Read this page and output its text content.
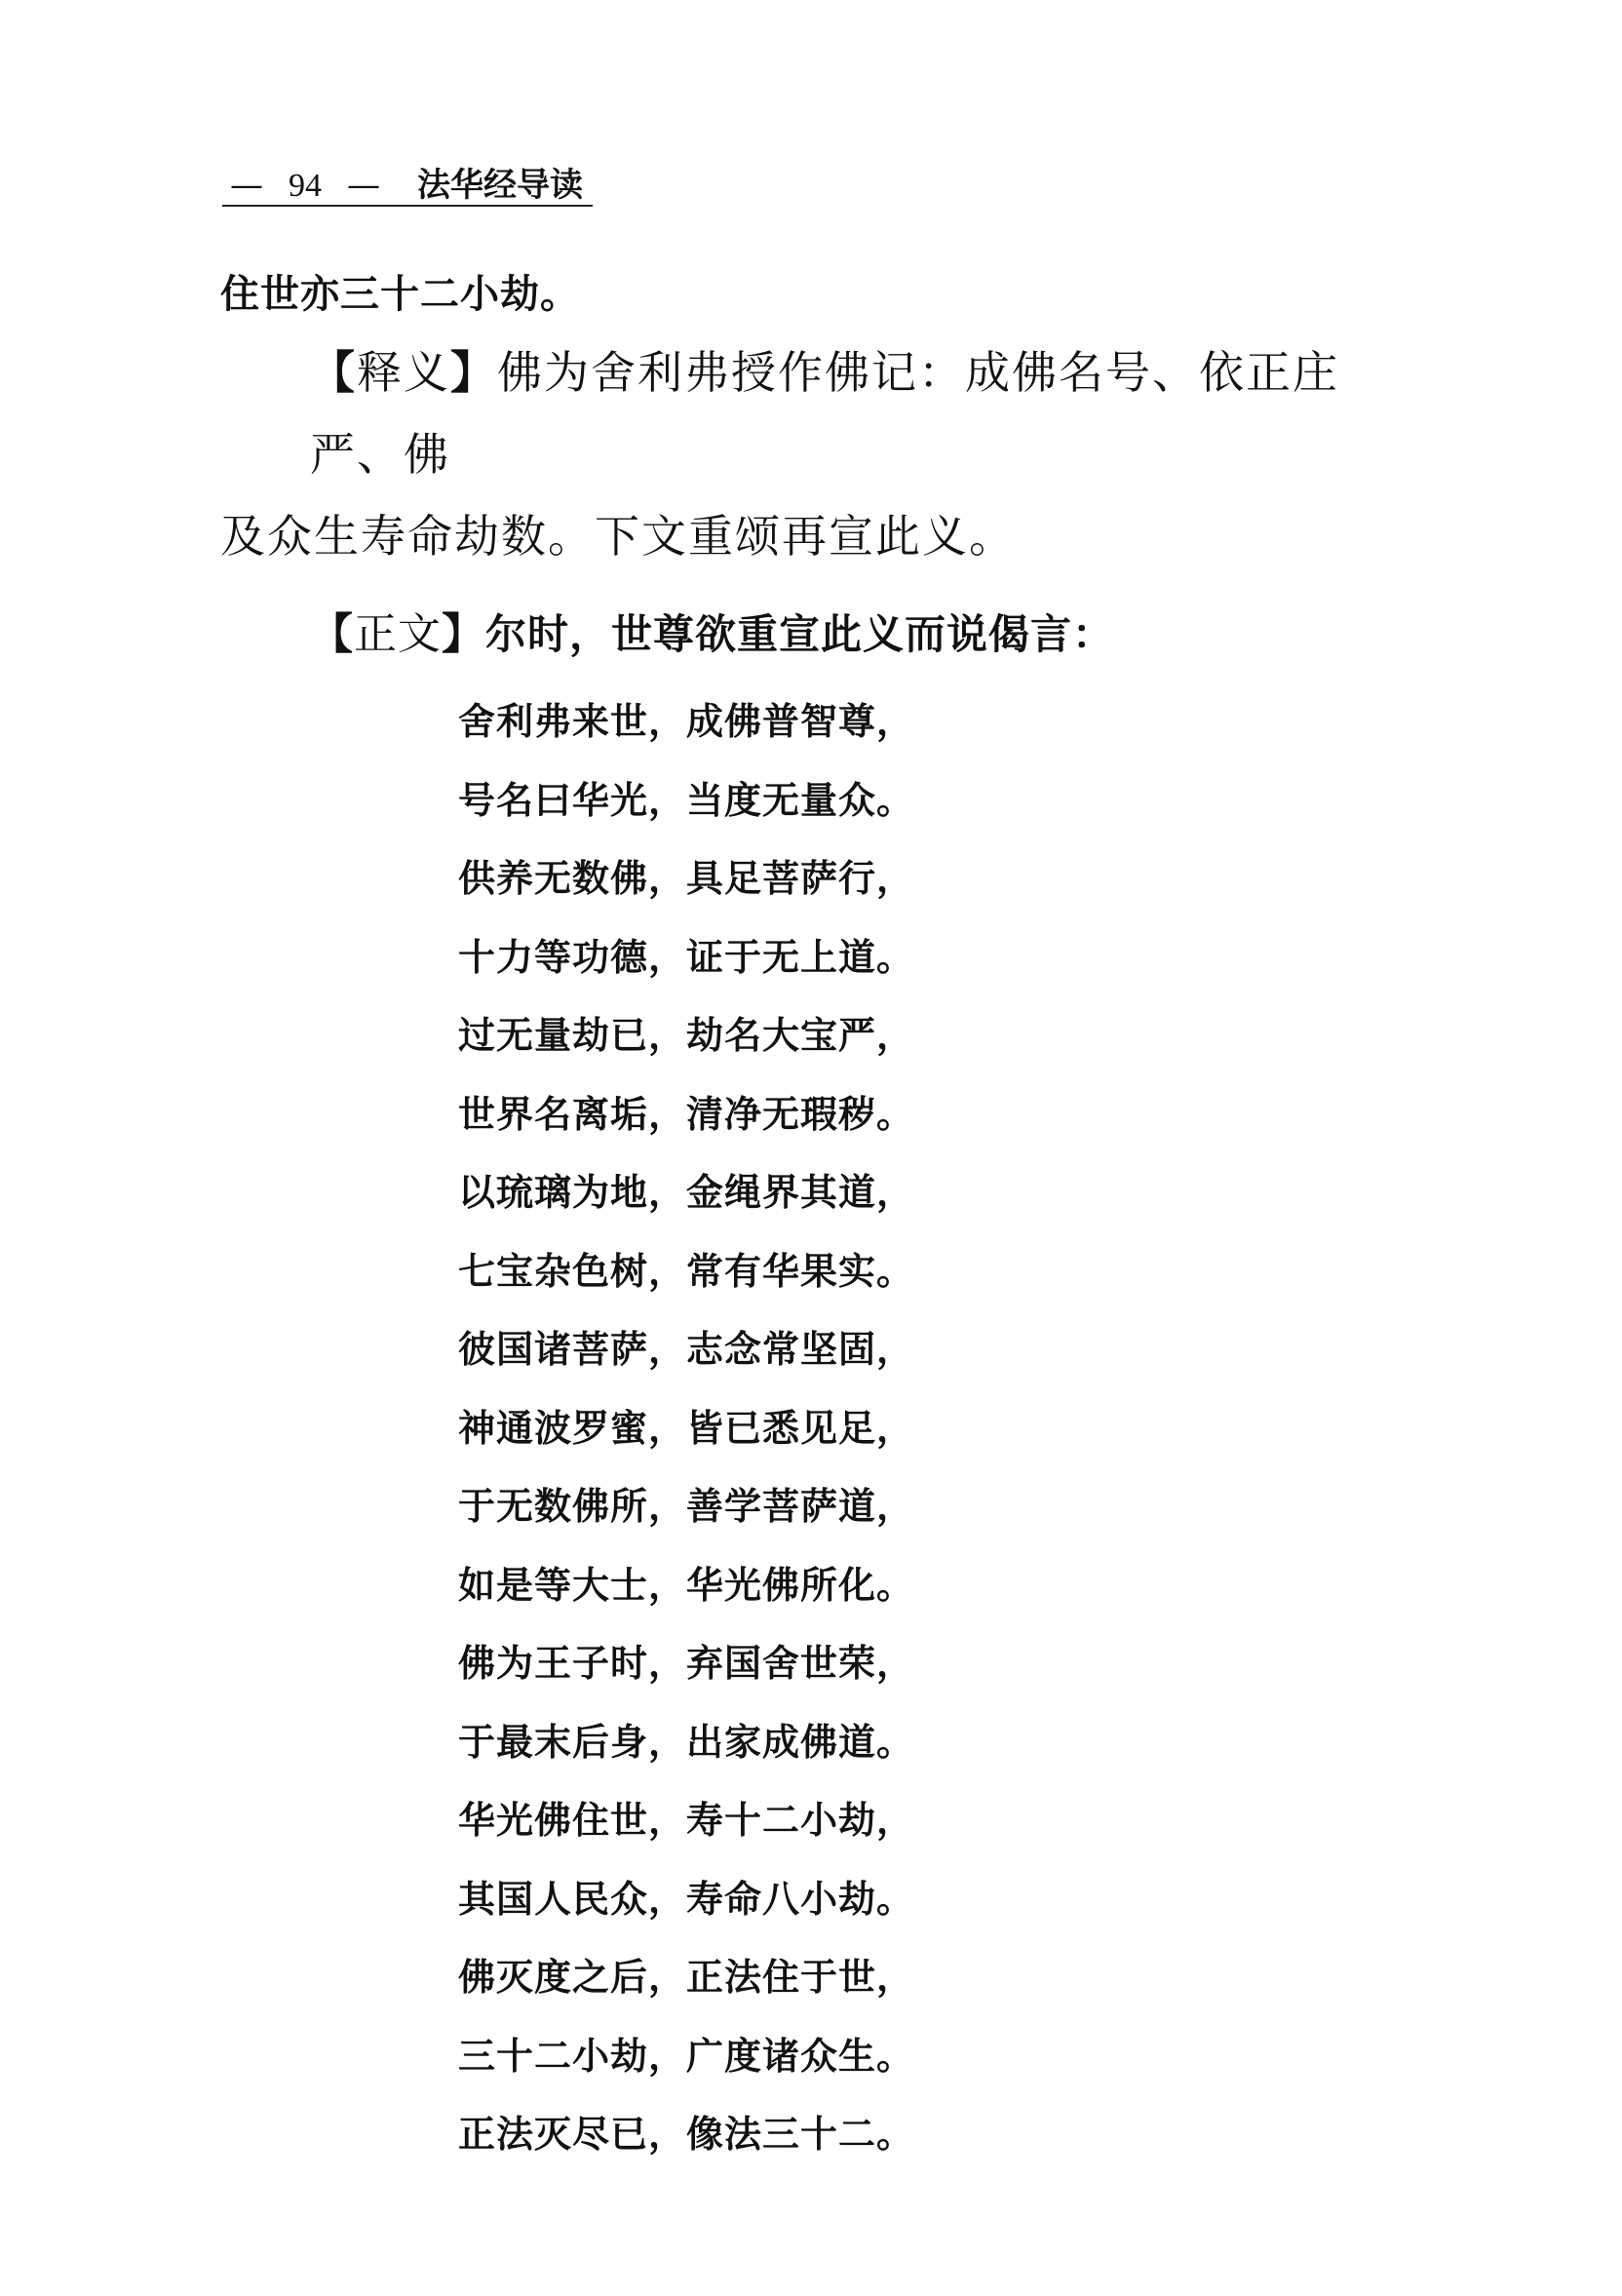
— 94 — 法华经导读
住世亦三十二小劫。
【释义】佛为舍利弗授作佛记：成佛名号、依正庄严、佛
及众生寿命劫数。下文重颂再宣此义。
【正文】尔时，世尊欲重宣此义而说偈言：
舍利弗来世，成佛普智尊，
号名曰华光，当度无量众。
供养无数佛，具足菩萨行，
十力等功德，证于无上道。
过无量劫已，劫名大宝严，
世界名离垢，清净无瑕秽。
以琉璃为地，金绳界其道，
七宝杂色树，常有华果实。
彼国诸菩萨，志念常坚固，
神通波罗蜜，皆已悉见足，
于无数佛所，善学菩萨道，
如是等大士，华光佛所化。
佛为王子时，弃国舍世荣，
于最末后身，出家成佛道。
华光佛住世，寿十二小劫，
其国人民众，寿命八小劫。
佛灭度之后，正法住于世，
三十二小劫，广度诸众生。
正法灭尽已，像法三十二。
